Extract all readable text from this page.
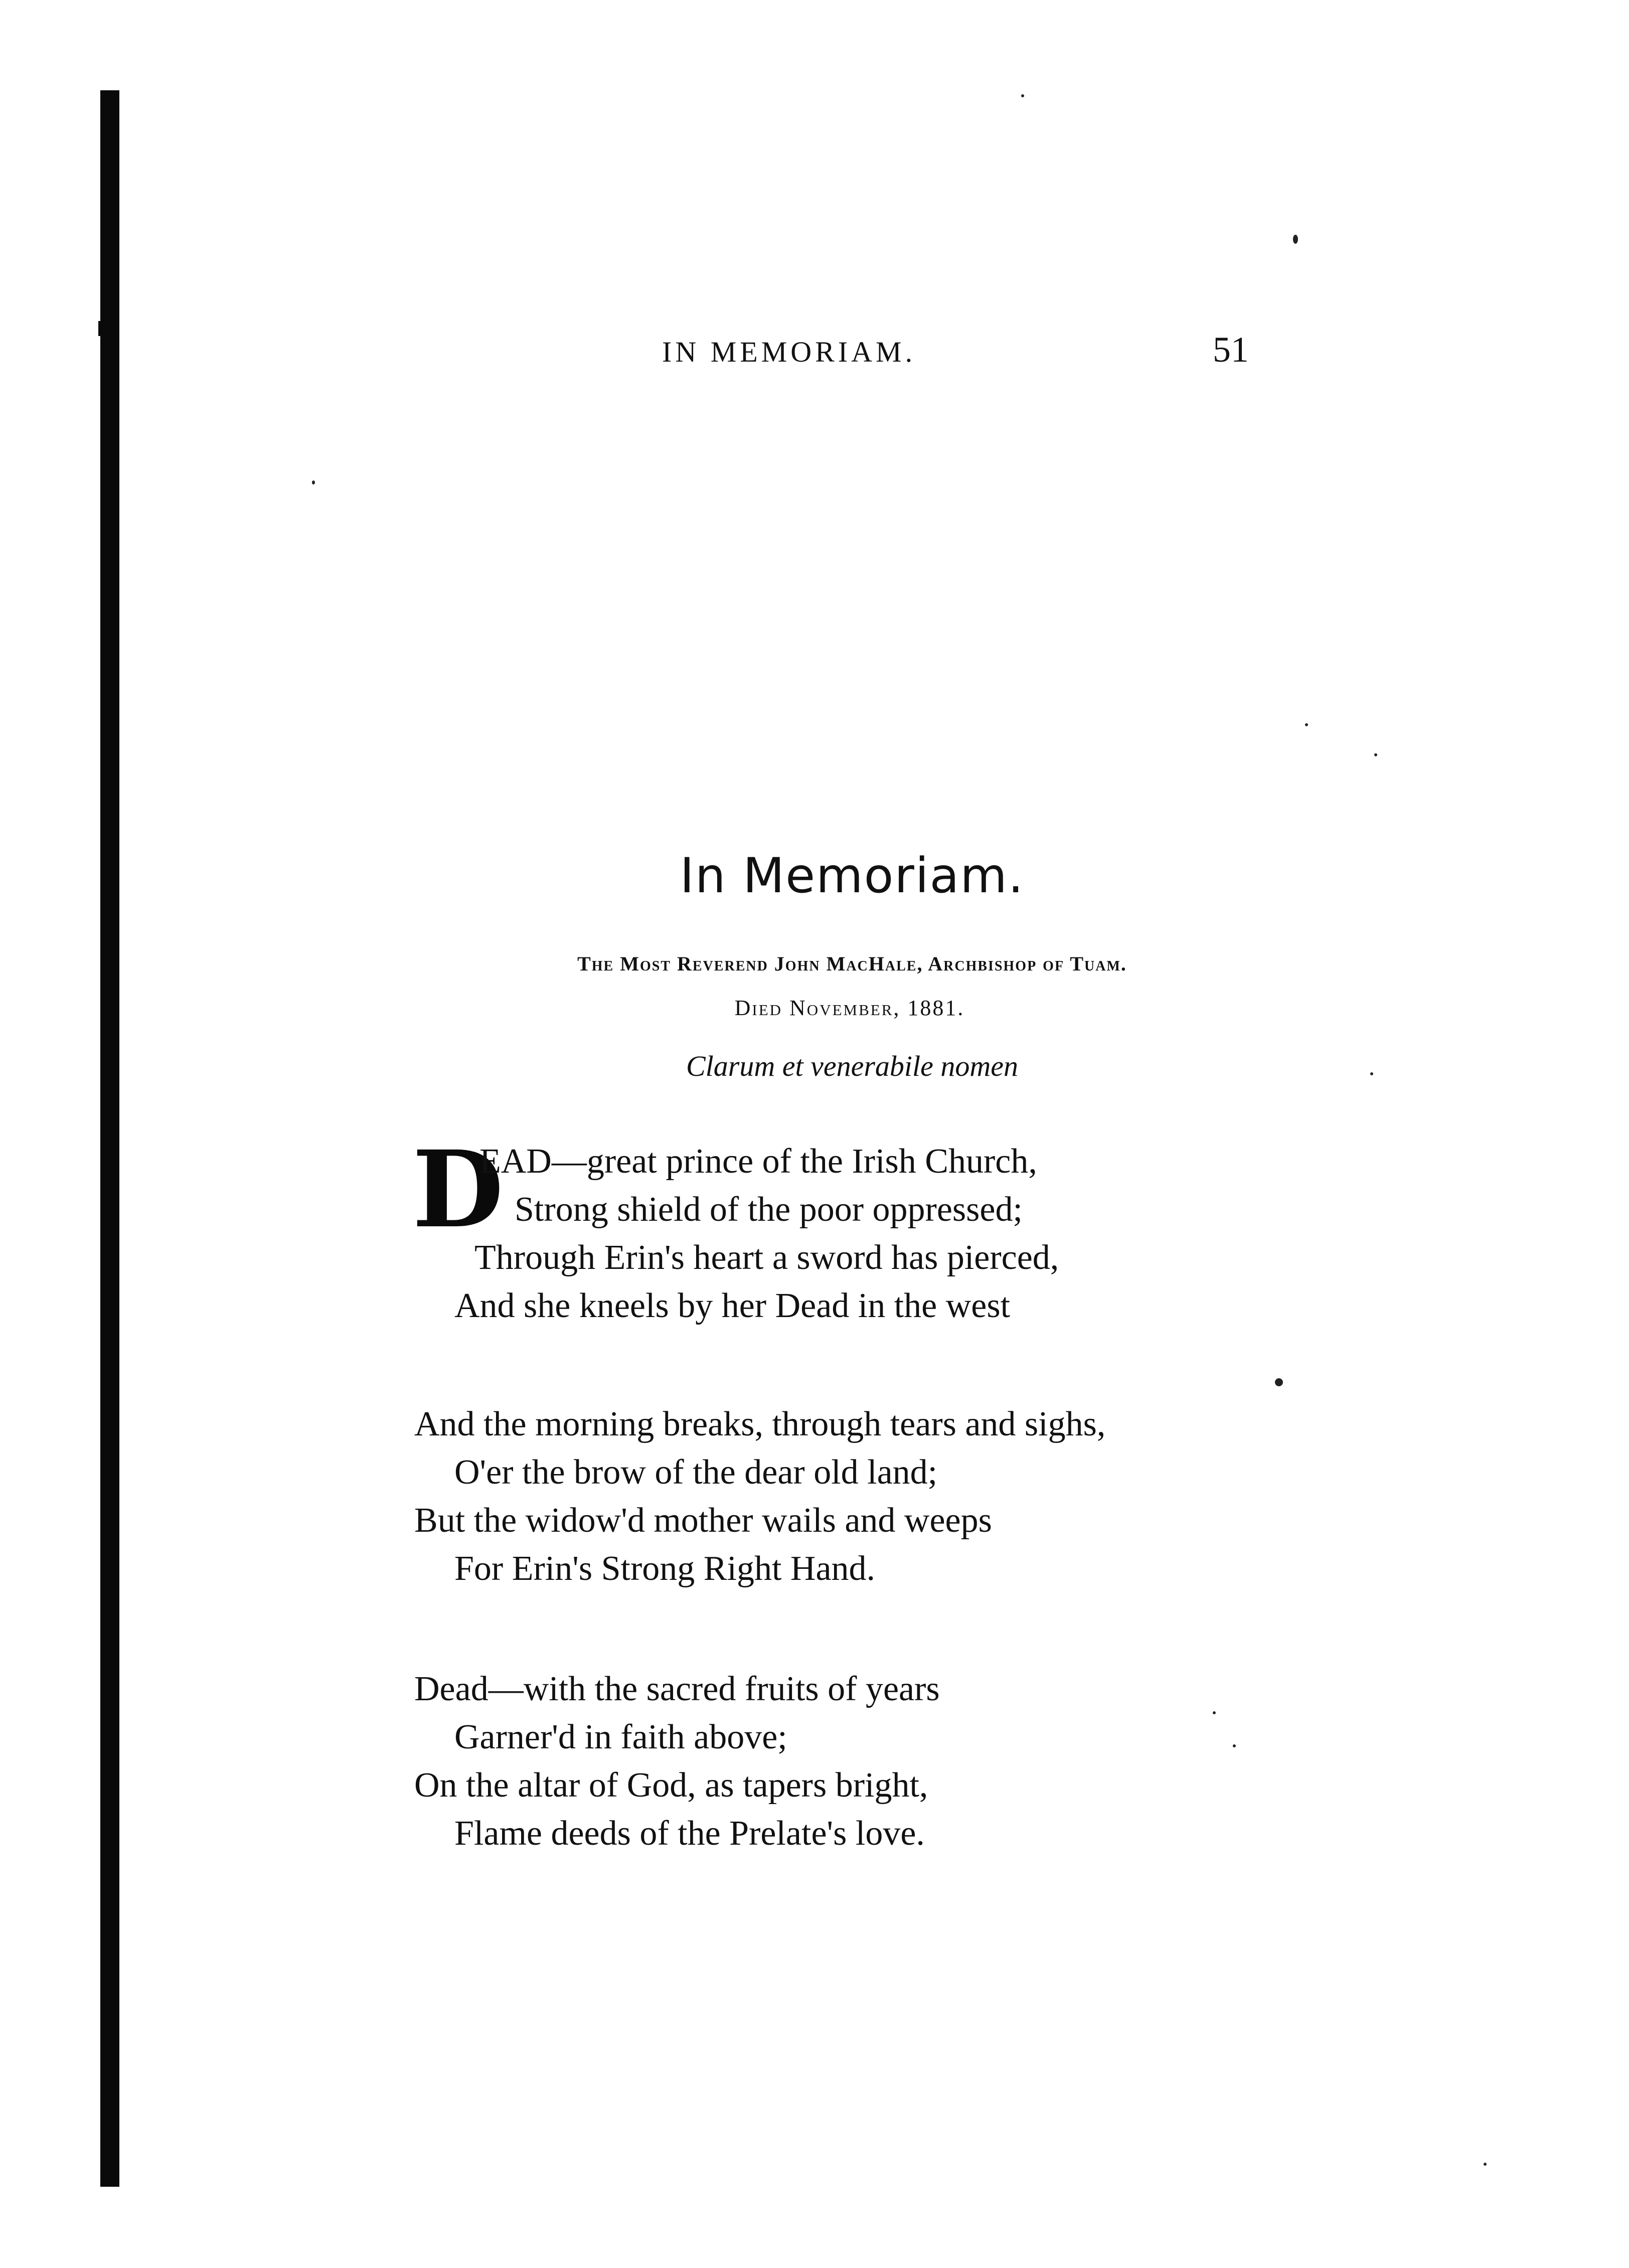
IN MEMORIAM.	51
In Memoriam.
The Most Reverend John MacHale, Archbishop of Tuam.
Died November, 1881.
Clarum et venerabile nomen
D
EAD—great prince of the Irish Church,
Strong shield of the poor oppressed;
Through Erin's heart a sword has pierced,
And she kneels by her Dead in the west
And the morning breaks, through tears and sighs,
O'er the brow of the dear old land;
But the widow'd mother wails and weeps
For Erin's Strong Right Hand.
Dead—with the sacred fruits of years
Garner'd in faith above;
On the altar of God, as tapers bright,
Flame deeds of the Prelate's love.
